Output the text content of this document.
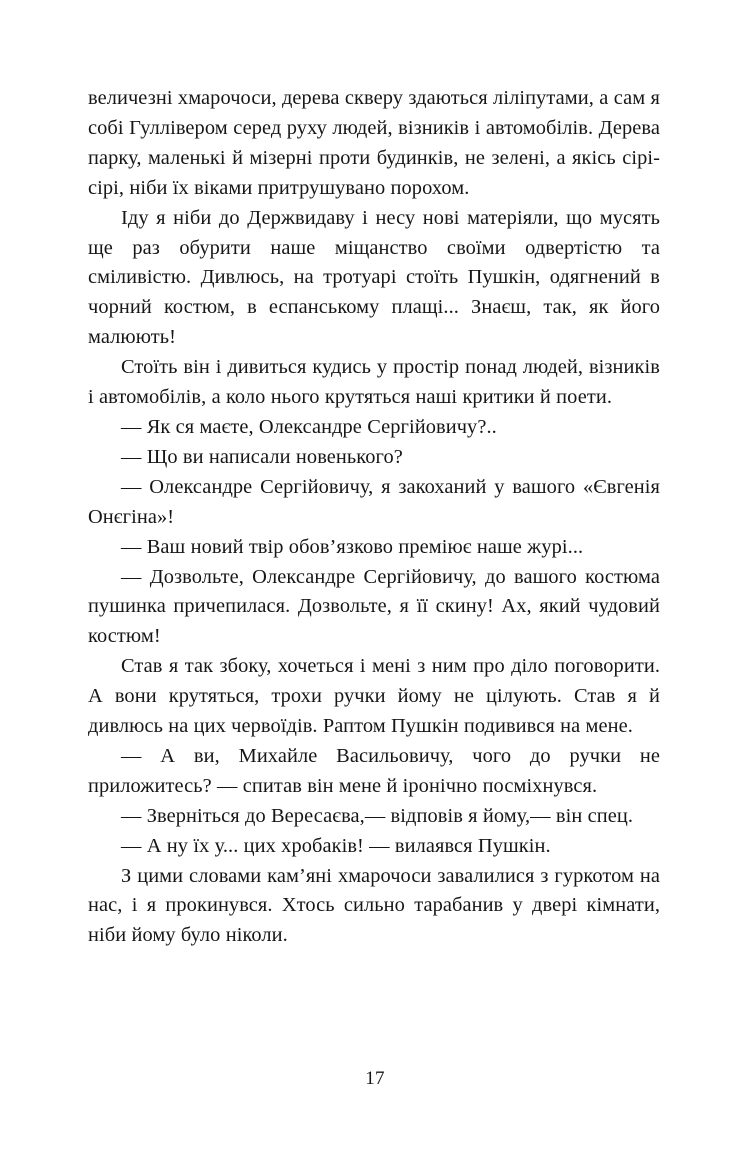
величезні хмарочоси, дерева скверу здаються ліліпутами, а сам я собі Гуллівером серед руху людей, візників і автомобілів. Дерева парку, маленькі й мізерні проти будинків, не зелені, а якісь сірі-сірі, ніби їх віками притрушувано порохом.

Іду я ніби до Держвидаву і несу нові матеріяли, що мусять ще раз обурити наше міщанство своїми одвертістю та сміливістю. Дивлюсь, на тротуарі стоїть Пушкін, одягнений в чорний костюм, в еспанському плащі... Знаєш, так, як його малюють!

Стоїть він і дивиться кудись у простір понад людей, візників і автомобілів, а коло нього крутяться наші критики й поети.

— Як ся маєте, Олександре Сергійовичу?..

— Що ви написали новенького?

— Олександре Сергійовичу, я закоханий у вашого «Євгенія Онєгіна»!

— Ваш новий твір обов’язково преміює наше журі...

— Дозвольте, Олександре Сергійовичу, до вашого костюма пушинка причепилася. Дозвольте, я її скину! Ах, який чудовий костюм!

Став я так збоку, хочеться і мені з ним про діло поговорити. А вони крутяться, трохи ручки йому не цілують. Став я й дивлюсь на цих червоїдів. Раптом Пушкін подивився на мене.

— А ви, Михайле Васильовичу, чого до ручки не приложитесь? — спитав він мене й іронічно посміхнувся.

— Зверніться до Вересаєва,— відповів я йому,— він спец.

— А ну їх у... цих хробаків! — вилаявся Пушкін.

З цими словами кам’яні хмарочоси завалилися з гуркотом на нас, і я прокинувся. Хтось сильно тарабанив у двері кімнати, ніби йому було ніколи.

17
